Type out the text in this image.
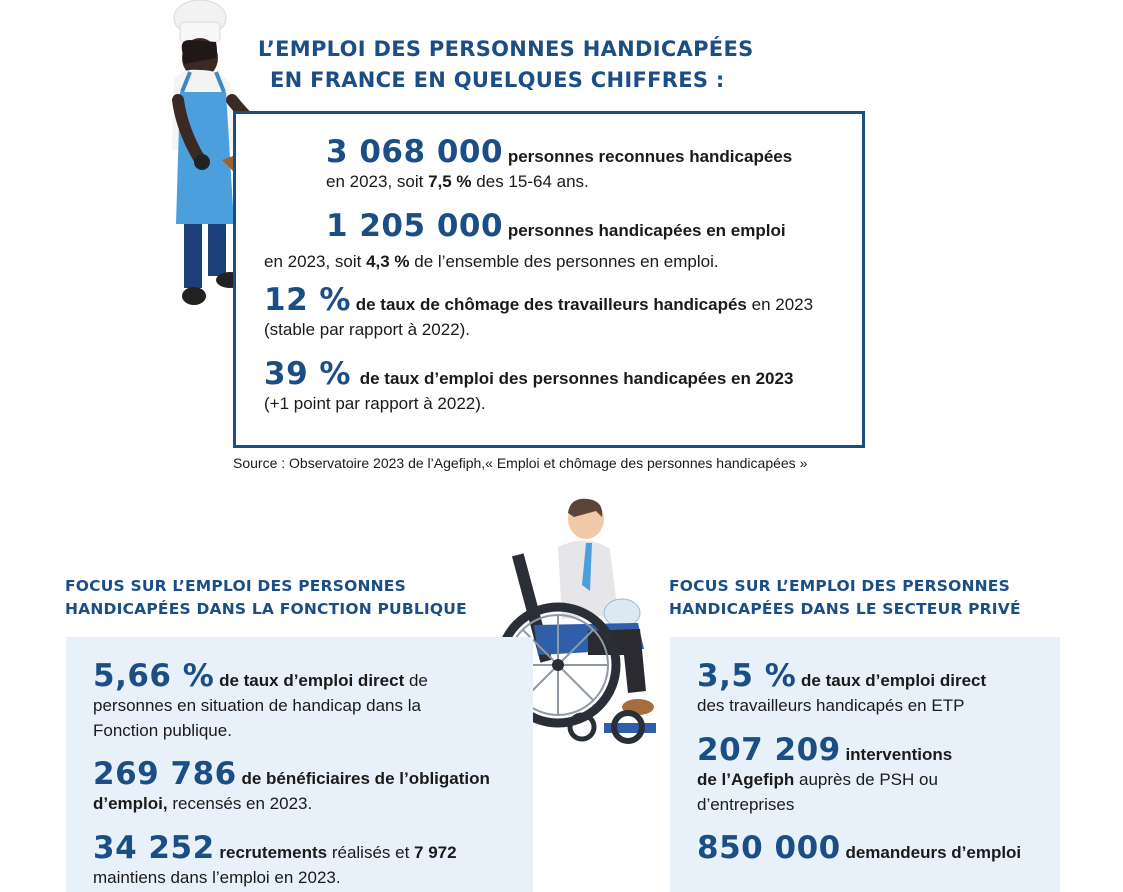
L’EMPLOI DES PERSONNES HANDICAPÉES
EN FRANCE EN QUELQUES CHIFFRES :
3 068 000 personnes reconnues handicapées
en 2023, soit 7,5 % des 15-64 ans.
1 205 000 personnes handicapées en emploi
en 2023, soit 4,3 % de l’ensemble des personnes en emploi.
12 % de taux de chômage des travailleurs handicapés en 2023
(stable par rapport à 2022).
39 % de taux d’emploi des personnes handicapées en 2023
(+1 point par rapport à 2022).
Source : Observatoire 2023 de l’Agefiph,« Emploi et chômage des personnes handicapées »
FOCUS SUR L’EMPLOI DES PERSONNES
HANDICAPÉES DANS LA FONCTION PUBLIQUE
5,66 % de taux d’emploi direct de
personnes en situation de handicap dans la
Fonction publique.
269 786 de bénéficiaires de l’obligation
d’emploi, recensés en 2023.
34 252 recrutements réalisés et 7 972
maintiens dans l’emploi en 2023.
FOCUS SUR L’EMPLOI DES PERSONNES
HANDICAPÉES DANS LE SECTEUR PRIVÉ
3,5 % de taux d’emploi direct
des travailleurs handicapés en ETP
207 209 interventions
de l’Agefiph auprès de PSH ou
d’entreprises
850 000 demandeurs d’emploi
